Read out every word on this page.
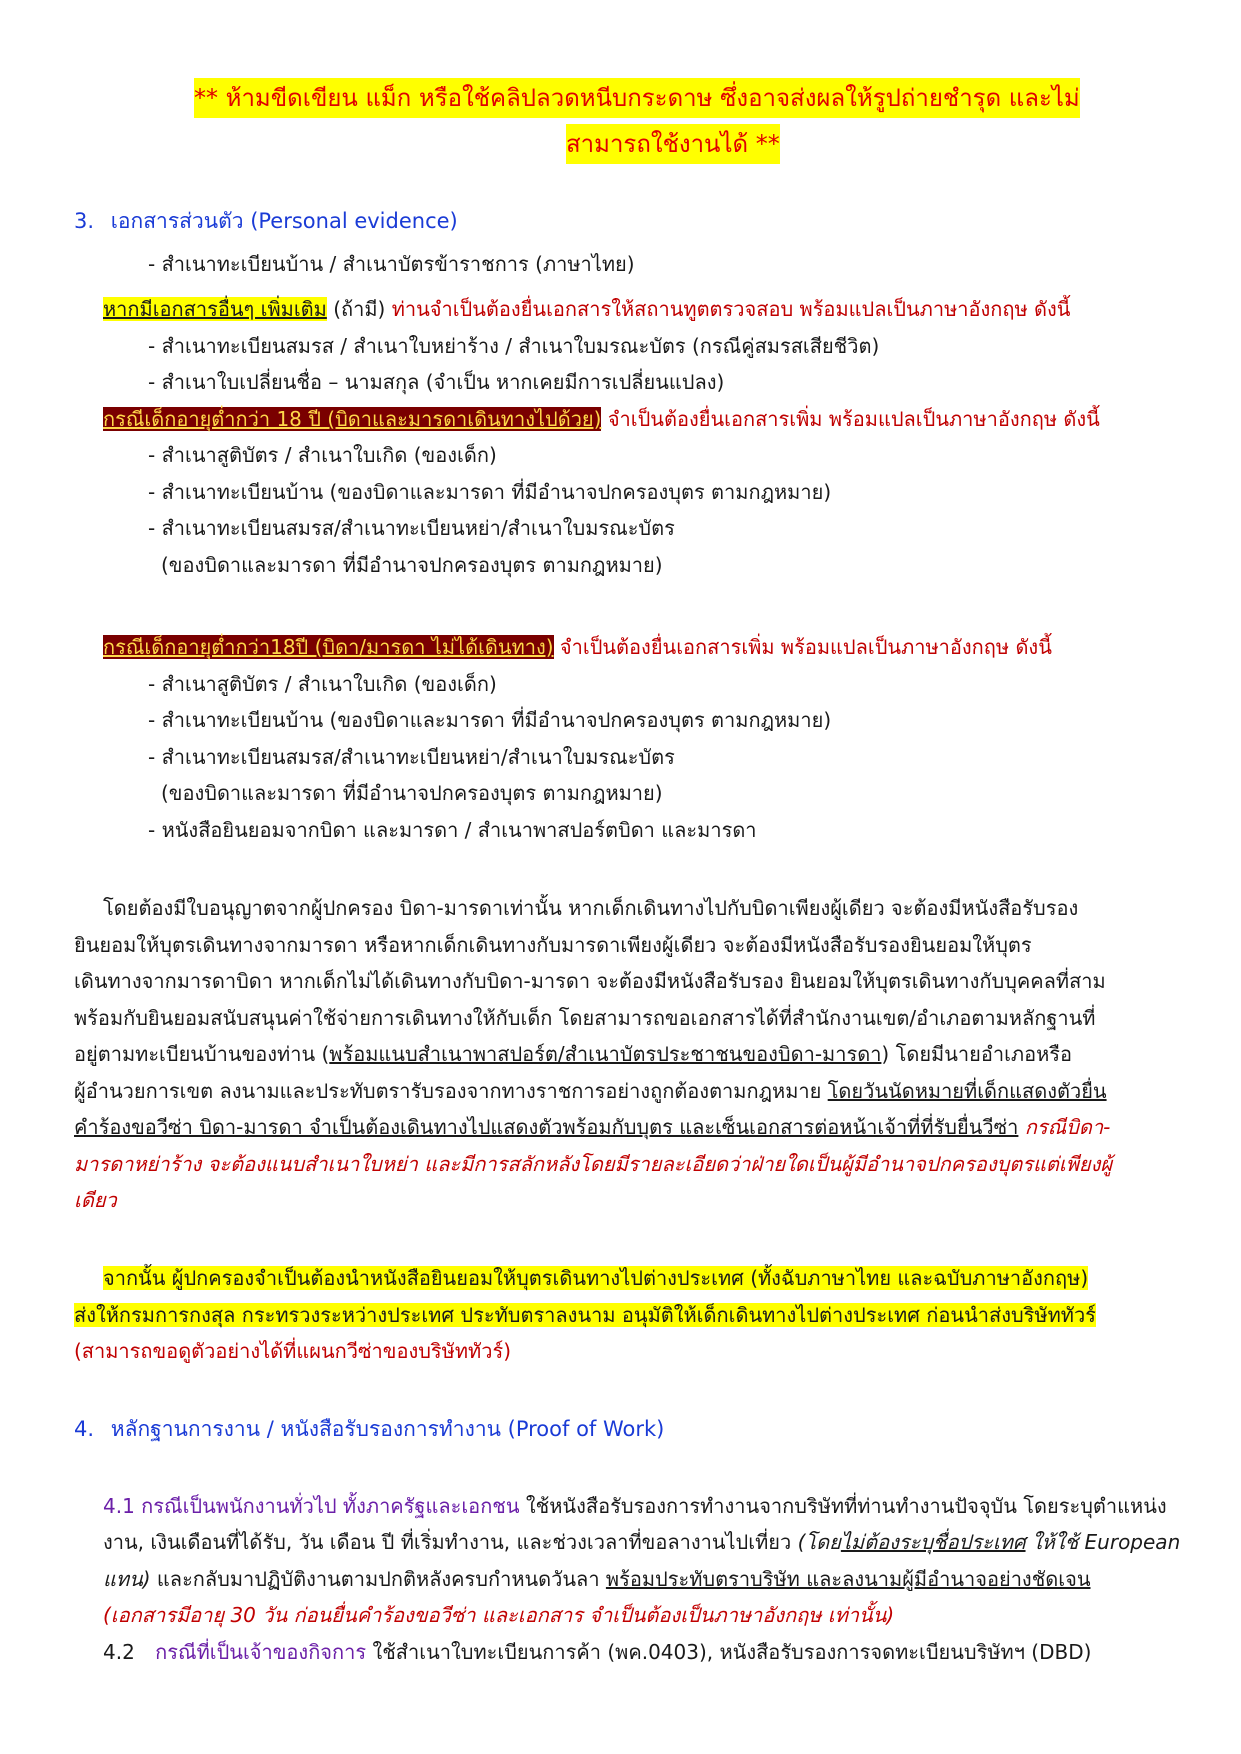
** ห้ามขีดเขียน แม็ก หรือใช้คลิปลวดหนีบกระดาษ ซึ่งอาจส่งผลให้รูปถ่ายชำรุด และไม่
สามารถใช้งานได้ **
3. เอกสารส่วนตัว (Personal evidence)
- สำเนาทะเบียนบ้าน / สำเนาบัตรข้าราชการ (ภาษาไทย)
หากมีเอกสารอื่นๆ เพิ่มเติม (ถ้ามี) ท่านจำเป็นต้องยื่นเอกสารให้สถานทูตตรวจสอบ พร้อมแปลเป็นภาษาอังกฤษ ดังนี้
- สำเนาทะเบียนสมรส / สำเนาใบหย่าร้าง / สำเนาใบมรณะบัตร (กรณีคู่สมรสเสียชีวิต)
- สำเนาใบเปลี่ยนชื่อ – นามสกุล (จำเป็น หากเคยมีการเปลี่ยนแปลง)
กรณีเด็กอายุต่ำกว่า 18 ปี (บิดาและมารดาเดินทางไปด้วย) จำเป็นต้องยื่นเอกสารเพิ่ม พร้อมแปลเป็นภาษาอังกฤษ ดังนี้
- สำเนาสูติบัตร / สำเนาใบเกิด (ของเด็ก)
- สำเนาทะเบียนบ้าน (ของบิดาและมารดา ที่มีอำนาจปกครองบุตร ตามกฎหมาย)
- สำเนาทะเบียนสมรส/สำเนาทะเบียนหย่า/สำเนาใบมรณะบัตร
(ของบิดาและมารดา ที่มีอำนาจปกครองบุตร ตามกฎหมาย)
กรณีเด็กอายุต่ำกว่า18ปี (บิดา/มารดา ไม่ได้เดินทาง) จำเป็นต้องยื่นเอกสารเพิ่ม พร้อมแปลเป็นภาษาอังกฤษ ดังนี้
- สำเนาสูติบัตร / สำเนาใบเกิด (ของเด็ก)
- สำเนาทะเบียนบ้าน (ของบิดาและมารดา ที่มีอำนาจปกครองบุตร ตามกฎหมาย)
- สำเนาทะเบียนสมรส/สำเนาทะเบียนหย่า/สำเนาใบมรณะบัตร
(ของบิดาและมารดา ที่มีอำนาจปกครองบุตร ตามกฎหมาย)
- หนังสือยินยอมจากบิดา และมารดา / สำเนาพาสปอร์ตบิดา และมารดา
โดยต้องมีใบอนุญาตจากผู้ปกครอง บิดา-มารดาเท่านั้น หากเด็กเดินทางไปกับบิดาเพียงผู้เดียว จะต้องมีหนังสือรับรอง
ยินยอมให้บุตรเดินทางจากมารดา หรือหากเด็กเดินทางกับมารดาเพียงผู้เดียว จะต้องมีหนังสือรับรองยินยอมให้บุตร
เดินทางจากมารดาบิดา หากเด็กไม่ได้เดินทางกับบิดา-มารดา จะต้องมีหนังสือรับรอง ยินยอมให้บุตรเดินทางกับบุคคลที่สาม
พร้อมกับยินยอมสนับสนุนค่าใช้จ่ายการเดินทางให้กับเด็ก โดยสามารถขอเอกสารได้ที่สำนักงานเขต/อำเภอตามหลักฐานที่
อยู่ตามทะเบียนบ้านของท่าน (พร้อมแนบสำเนาพาสปอร์ต/สำเนาบัตรประชาชนของบิดา-มารดา) โดยมีนายอำเภอหรือ
ผู้อำนวยการเขต ลงนามและประทับตรารับรองจากทางราชการอย่างถูกต้องตามกฎหมาย โดยวันนัดหมายที่เด็กแสดงตัวยื่น
คำร้องขอวีซ่า บิดา-มารดา จำเป็นต้องเดินทางไปแสดงตัวพร้อมกับบุตร และเซ็นเอกสารต่อหน้าเจ้าที่ที่รับยื่นวีซ่า กรณีบิดา-
มารดาหย่าร้าง จะต้องแนบสำเนาใบหย่า และมีการสลักหลังโดยมีรายละเอียดว่าฝ่ายใดเป็นผู้มีอำนาจปกครองบุตรแต่เพียงผู้
เดียว
จากนั้น ผู้ปกครองจำเป็นต้องนำหนังสือยินยอมให้บุตรเดินทางไปต่างประเทศ (ทั้งฉับภาษาไทย และฉบับภาษาอังกฤษ)
ส่งให้กรมการกงสุล กระทรวงระหว่างประเทศ ประทับตราลงนาม อนุมัติให้เด็กเดินทางไปต่างประเทศ ก่อนนำส่งบริษัททัวร์
(สามารถขอดูตัวอย่างได้ที่แผนกวีซ่าของบริษัททัวร์)
4. หลักฐานการงาน / หนังสือรับรองการทำงาน (Proof of Work)
4.1 กรณีเป็นพนักงานทั่วไป ทั้งภาครัฐและเอกชน ใช้หนังสือรับรองการทำงานจากบริษัทที่ท่านทำงานปัจจุบัน โดยระบุตำแหน่ง
งาน, เงินเดือนที่ได้รับ, วัน เดือน ปี ที่เริ่มทำงาน, และช่วงเวลาที่ขอลางานไปเที่ยว (โดยไม่ต้องระบุชื่อประเทศ ให้ใช้ European
แทน) และกลับมาปฏิบัติงานตามปกติหลังครบกำหนดวันลา พร้อมประทับตราบริษัท และลงนามผู้มีอำนาจอย่างชัดเจน
(เอกสารมีอายุ 30 วัน ก่อนยื่นคำร้องขอวีซ่า และเอกสาร จำเป็นต้องเป็นภาษาอังกฤษ เท่านั้น)
4.2 กรณีที่เป็นเจ้าของกิจการ ใช้สำเนาใบทะเบียนการค้า (พค.0403), หนังสือรับรองการจดทะเบียนบริษัทฯ (DBD)
